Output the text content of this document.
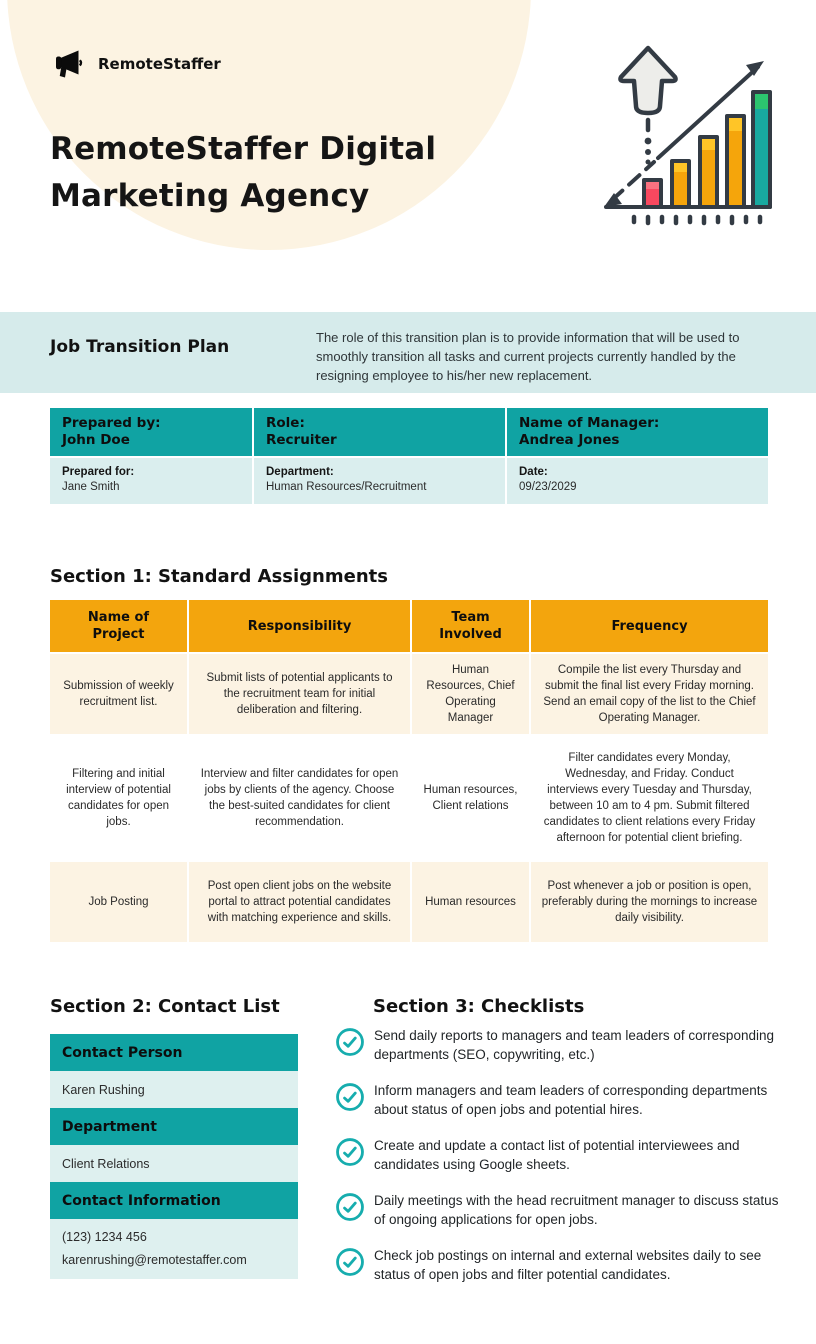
RemoteStaffer
RemoteStaffer Digital Marketing Agency
Job Transition Plan	The role of this transition plan is to provide information that will be used to smoothly transition all tasks and current projects currently handled by the resigning employee to his/her new replacement.
Prepared by:
John Doe
Role:
Recruiter
Name of Manager:
Andrea Jones
Prepared for:
Jane Smith
Department:
Human Resources/Recruitment
Date:
09/23/2029
Section 1: Standard Assignments
Name of Project
Responsibility
Team Involved
Frequency
Submission of weekly recruitment list.
Submit lists of potential applicants to the recruitment team for initial deliberation and filtering.
Human Resources, Chief Operating Manager
Compile the list every Thursday and submit the final list every Friday morning. Send an email copy of the list to the Chief Operating Manager.
Filtering and initial interview of potential candidates for open jobs.
Interview and filter candidates for open jobs by clients of the agency. Choose the best-suited candidates for client recommendation.
Human resources, Client relations
Filter candidates every Monday, Wednesday, and Friday. Conduct interviews every Tuesday and Thursday, between 10 am to 4 pm. Submit filtered candidates to client relations every Friday afternoon for potential client briefing.
Job Posting
Post open client jobs on the website portal to attract potential candidates with matching experience and skills.
Human resources
Post whenever a job or position is open, preferably during the mornings to increase daily visibility.
Section 2: Contact List
Contact Person
Karen Rushing
Department
Client Relations
Contact Information
(123) 1234 456
karenrushing@remotestaffer.com
Section 3: Checklists
Send daily reports to managers and team leaders of corresponding departments (SEO, copywriting, etc.)
Inform managers and team leaders of corresponding departments about status of open jobs and potential hires.
Create and update a contact list of potential interviewees and candidates using Google sheets.
Daily meetings with the head recruitment manager to discuss status of ongoing applications for open jobs.
Check job postings on internal and external websites daily to see status of open jobs and filter potential candidates.
